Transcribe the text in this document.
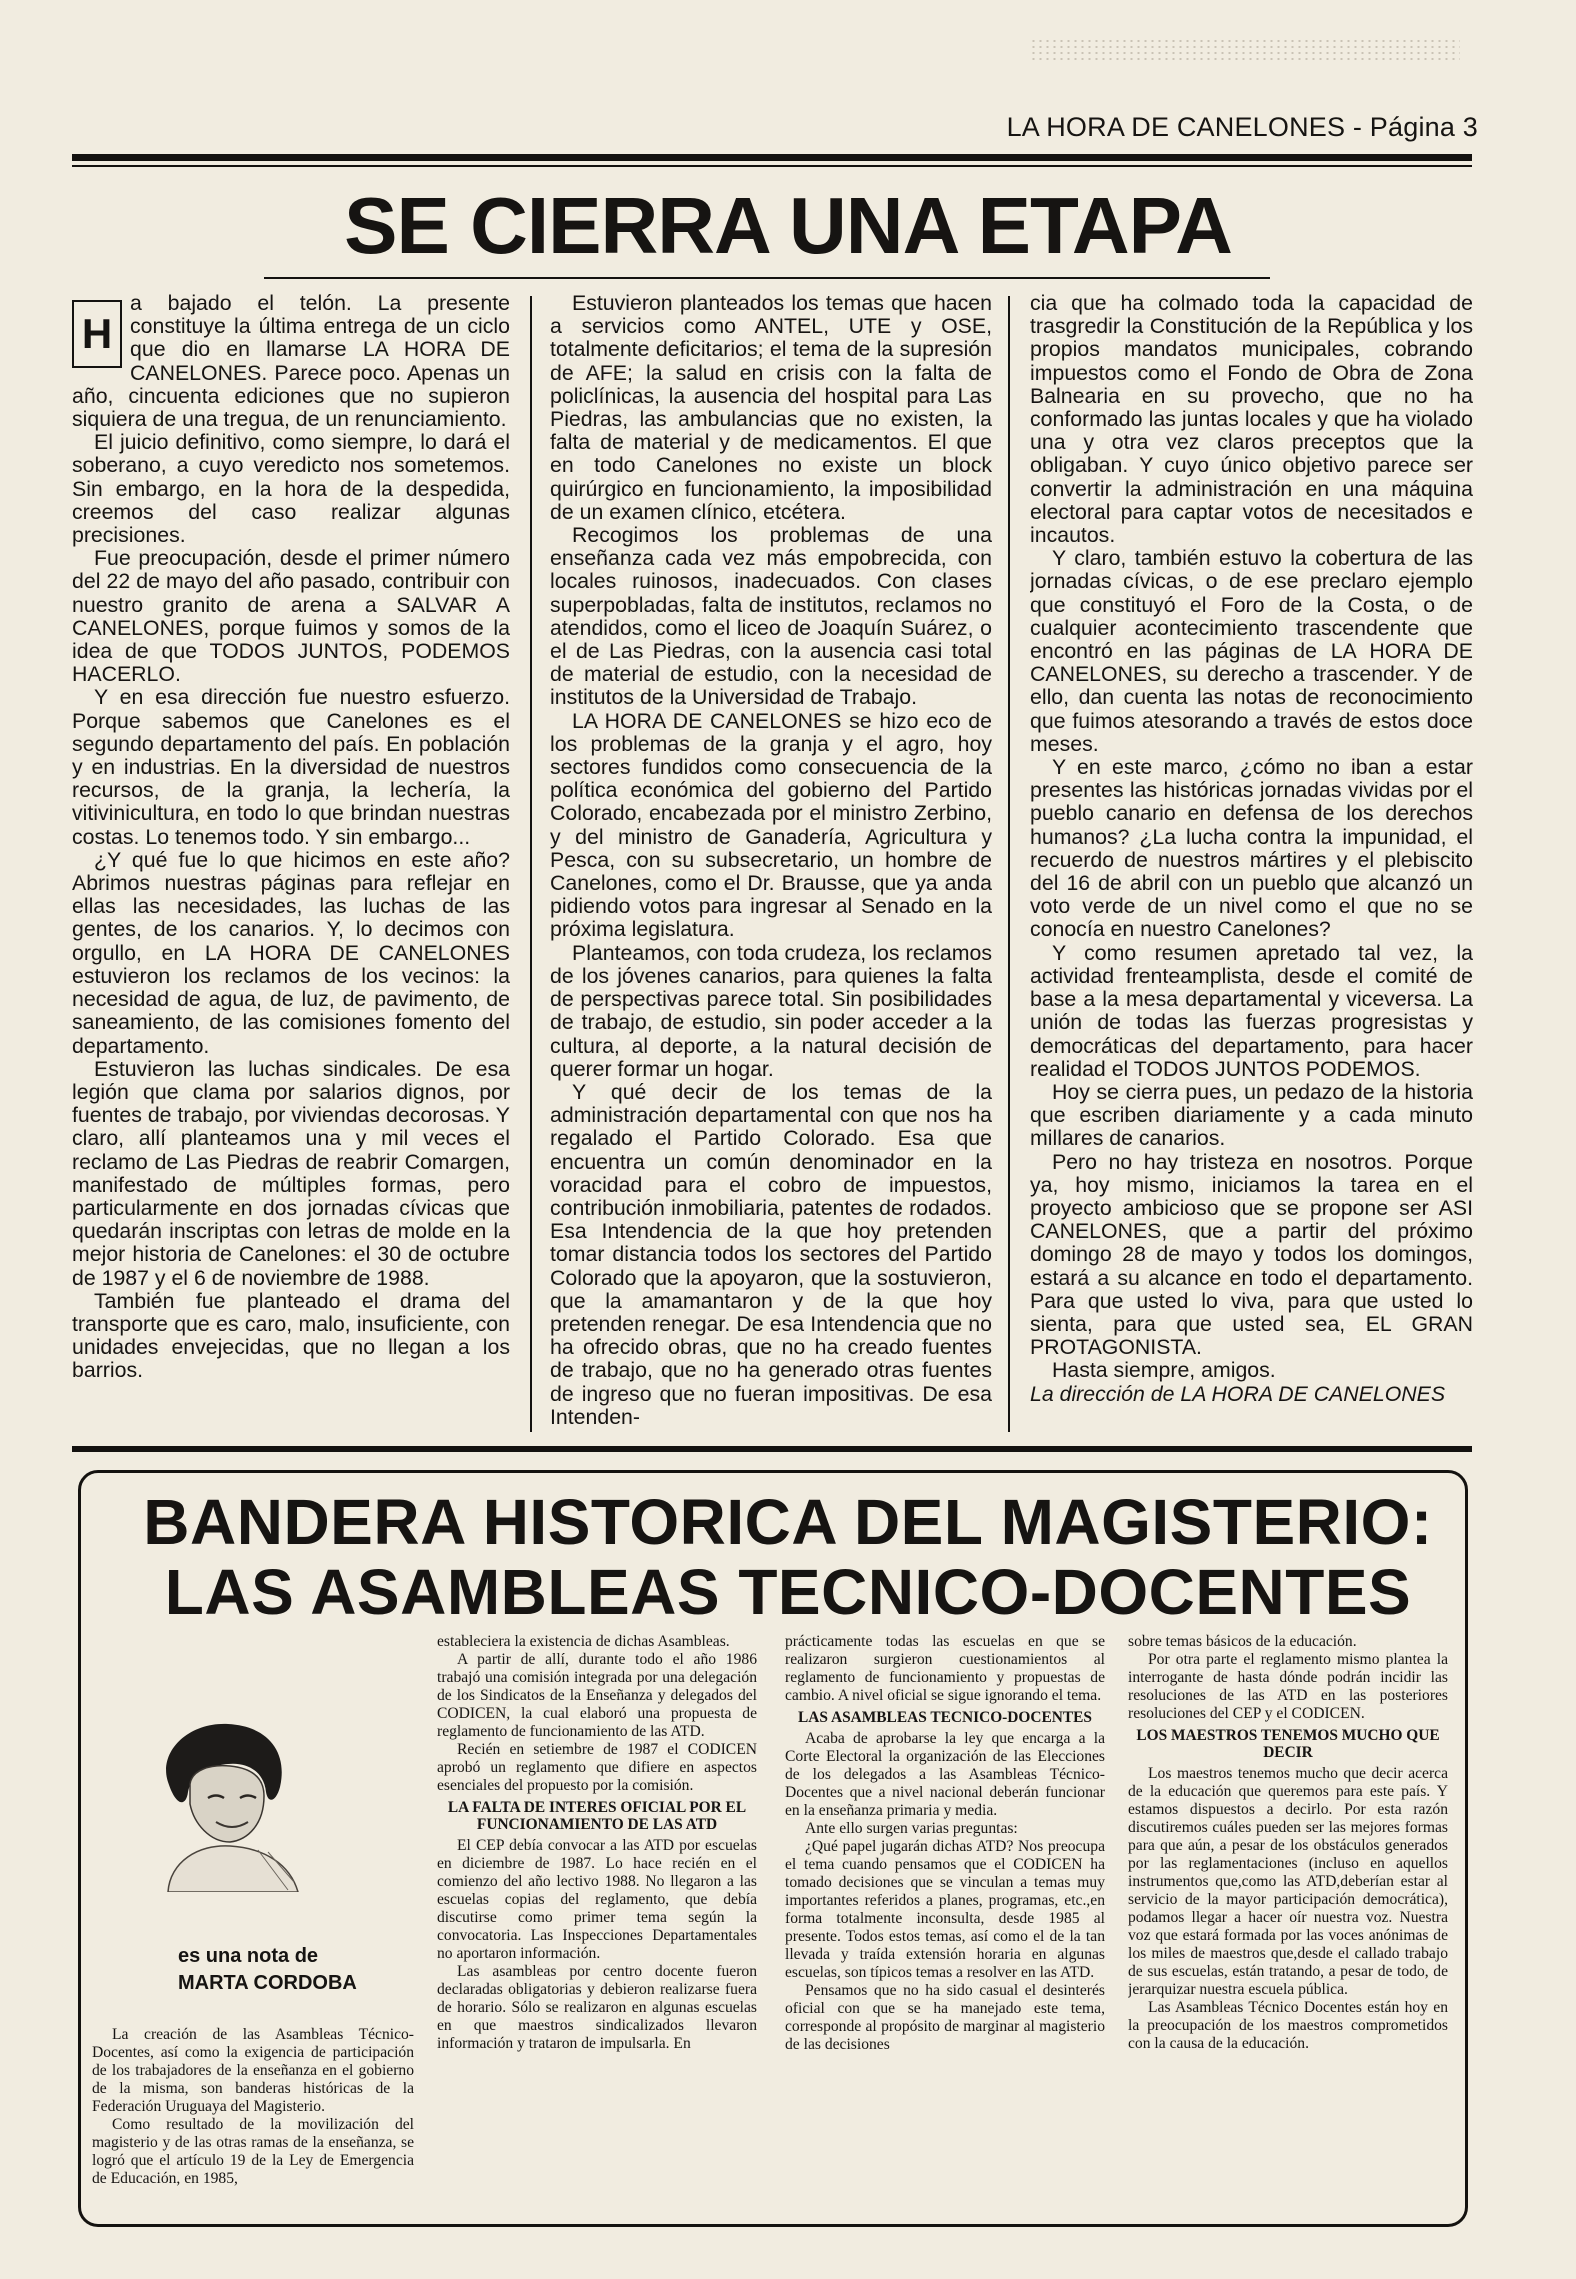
LA HORA DE CANELONES - Página 3
SE CIERRA UNA ETAPA
H

a bajado el telón. La presente constituye la última entrega de un ciclo que dio en llamarse LA HORA DE CANELONES. Parece poco. Apenas un año, cincuenta ediciones que no supieron siquiera de una tregua, de un renunciamiento.

El juicio definitivo, como siempre, lo dará el soberano, a cuyo veredicto nos sometemos. Sin embargo, en la hora de la despedida, creemos del caso realizar algunas precisiones.

Fue preocupación, desde el primer número del 22 de mayo del año pasado, contribuir con nuestro granito de arena a SALVAR A CANELONES, porque fuimos y somos de la idea de que TODOS JUNTOS, PODEMOS HACERLO.

Y en esa dirección fue nuestro esfuerzo. Porque sabemos que Canelones es el segundo departamento del país. En población y en industrias. En la diversidad de nuestros recursos, de la granja, la lechería, la vitivinicultura, en todo lo que brindan nuestras costas. Lo tenemos todo. Y sin embargo...

¿Y qué fue lo que hicimos en este año? Abrimos nuestras páginas para reflejar en ellas las necesidades, las luchas de las gentes, de los canarios. Y, lo decimos con orgullo, en LA HORA DE CANELONES estuvieron los reclamos de los vecinos: la necesidad de agua, de luz, de pavimento, de saneamiento, de las comisiones fomento del departamento.

Estuvieron las luchas sindicales. De esa legión que clama por salarios dignos, por fuentes de trabajo, por viviendas decorosas. Y claro, allí planteamos una y mil veces el reclamo de Las Piedras de reabrir Comargen, manifestado de múltiples formas, pero particularmente en dos jornadas cívicas que quedarán inscriptas con letras de molde en la mejor historia de Canelones: el 30 de octubre de 1987 y el 6 de noviembre de 1988.

También fue planteado el drama del transporte que es caro, malo, insuficiente, con unidades envejecidas, que no llegan a los barrios.

Estuvieron planteados los temas que hacen a servicios como ANTEL, UTE y OSE, totalmente deficitarios; el tema de la supresión de AFE; la salud en crisis con la falta de policlínicas, la ausencia del hospital para Las Piedras, las ambulancias que no existen, la falta de material y de medicamentos. El que en todo Canelones no existe un block quirúrgico en funcionamiento, la imposibilidad de un examen clínico, etcétera.

Recogimos los problemas de una enseñanza cada vez más empobrecida, con locales ruinosos, inadecuados. Con clases superpobladas, falta de institutos, reclamos no atendidos, como el liceo de Joaquín Suárez, o el de Las Piedras, con la ausencia casi total de material de estudio, con la necesidad de institutos de la Universidad de Trabajo.

LA HORA DE CANELONES se hizo eco de los problemas de la granja y el agro, hoy sectores fundidos como consecuencia de la política económica del gobierno del Partido Colorado, encabezada por el ministro Zerbino, y del ministro de Ganadería, Agricultura y Pesca, con su subsecretario, un hombre de Canelones, como el Dr. Brausse, que ya anda pidiendo votos para ingresar al Senado en la próxima legislatura.

Planteamos, con toda crudeza, los reclamos de los jóvenes canarios, para quienes la falta de perspectivas parece total. Sin posibilidades de trabajo, de estudio, sin poder acceder a la cultura, al deporte, a la natural decisión de querer formar un hogar.

Y qué decir de los temas de la administración departamental con que nos ha regalado el Partido Colorado. Esa que encuentra un común denominador en la voracidad para el cobro de impuestos, contribución inmobiliaria, patentes de rodados. Esa Intendencia de la que hoy pretenden tomar distancia todos los sectores del Partido Colorado que la apoyaron, que la sostuvieron, que la amamantaron y de la que hoy pretenden renegar. De esa Intendencia que no ha ofrecido obras, que no ha creado fuentes de trabajo, que no ha generado otras fuentes de ingreso que no fueran impositivas. De esa Intenden-

cia que ha colmado toda la capacidad de trasgredir la Constitución de la República y los propios mandatos municipales, cobrando impuestos como el Fondo de Obra de Zona Balnearia en su provecho, que no ha conformado las juntas locales y que ha violado una y otra vez claros preceptos que la obligaban. Y cuyo único objetivo parece ser convertir la administración en una máquina electoral para captar votos de necesitados e incautos.

Y claro, también estuvo la cobertura de las jornadas cívicas, o de ese preclaro ejemplo que constituyó el Foro de la Costa, o de cualquier acontecimiento trascendente que encontró en las páginas de LA HORA DE CANELONES, su derecho a trascender. Y de ello, dan cuenta las notas de reconocimiento que fuimos atesorando a través de estos doce meses.

Y en este marco, ¿cómo no iban a estar presentes las históricas jornadas vividas por el pueblo canario en defensa de los derechos humanos? ¿La lucha contra la impunidad, el recuerdo de nuestros mártires y el plebiscito del 16 de abril con un pueblo que alcanzó un voto verde de un nivel como el que no se conocía en nuestro Canelones?

Y como resumen apretado tal vez, la actividad frenteamplista, desde el comité de base a la mesa departamental y viceversa. La unión de todas las fuerzas progresistas y democráticas del departamento, para hacer realidad el TODOS JUNTOS PODEMOS.

Hoy se cierra pues, un pedazo de la historia que escriben diariamente y a cada minuto millares de canarios.

Pero no hay tristeza en nosotros. Porque ya, hoy mismo, iniciamos la tarea en el proyecto ambicioso que se propone ser ASI CANELONES, que a partir del próximo domingo 28 de mayo y todos los domingos, estará a su alcance en todo el departamento. Para que usted lo viva, para que usted lo sienta, para que usted sea, EL GRAN PROTAGONISTA.

Hasta siempre, amigos.

La dirección de LA HORA DE CANELONES

BANDERA HISTORICA DEL MAGISTERIO:
LAS ASAMBLEAS TECNICO-DOCENTES
es una nota de
MARTA CORDOBA

La creación de las Asambleas Técnico-Docentes, así como la exigencia de participación de los trabajadores de la enseñanza en el gobierno de la misma, son banderas históricas de la Federación Uruguaya del Magisterio.

Como resultado de la movilización del magisterio y de las otras ramas de la enseñanza, se logró que el artículo 19 de la Ley de Emergencia de Educación, en 1985,

estableciera la existencia de dichas Asambleas.

A partir de allí, durante todo el año 1986 trabajó una comisión integrada por una delegación de los Sindicatos de la Enseñanza y delegados del CODICEN, la cual elaboró una propuesta de reglamento de funcionamiento de las ATD.

Recién en setiembre de 1987 el CODICEN aprobó un reglamento que difiere en aspectos esenciales del propuesto por la comisión.

LA FALTA DE INTERES OFICIAL POR EL FUNCIONAMIENTO DE LAS ATD

El CEP debía convocar a las ATD por escuelas en diciembre de 1987. Lo hace recién en el comienzo del año lectivo 1988. No llegaron a las escuelas copias del reglamento, que debía discutirse como primer tema según la convocatoria. Las Inspecciones Departamentales no aportaron información.

Las asambleas por centro docente fueron declaradas obligatorias y debieron realizarse fuera de horario. Sólo se realizaron en algunas escuelas en que maestros sindicalizados llevaron información y trataron de impulsarla. En

prácticamente todas las escuelas en que se realizaron surgieron cuestionamientos al reglamento de funcionamiento y propuestas de cambio. A nivel oficial se sigue ignorando el tema.

LAS ASAMBLEAS TECNICO-DOCENTES

Acaba de aprobarse la ley que encarga a la Corte Electoral la organización de las Elecciones de los delegados a las Asambleas Técnico-Docentes que a nivel nacional deberán funcionar en la enseñanza primaria y media.

Ante ello surgen varias preguntas:

¿Qué papel jugarán dichas ATD? Nos preocupa el tema cuando pensamos que el CODICEN ha tomado decisiones que se vinculan a temas muy importantes referidos a planes, programas, etc.,en forma totalmente inconsulta, desde 1985 al presente. Todos estos temas, así como el de la tan llevada y traída extensión horaria en algunas escuelas, son típicos temas a resolver en las ATD.

Pensamos que no ha sido casual el desinterés oficial con que se ha manejado este tema, corresponde al propósito de marginar al magisterio de las decisiones

sobre temas básicos de la educación.

Por otra parte el reglamento mismo plantea la interrogante de hasta dónde podrán incidir las resoluciones de las ATD en las posteriores resoluciones del CEP y el CODICEN.

LOS MAESTROS TENEMOS MUCHO QUE DECIR

Los maestros tenemos mucho que decir acerca de la educación que queremos para este país. Y estamos dispuestos a decirlo. Por esta razón discutiremos cuáles pueden ser las mejores formas para que aún, a pesar de los obstáculos generados por las reglamentaciones (incluso en aquellos instrumentos que,como las ATD,deberían estar al servicio de la mayor participación democrática), podamos llegar a hacer oír nuestra voz. Nuestra voz que estará formada por las voces anónimas de los miles de maestros que,desde el callado trabajo de sus escuelas, están tratando, a pesar de todo, de jerarquizar nuestra escuela pública.

Las Asambleas Técnico Docentes están hoy en la preocupación de los maestros comprometidos con la causa de la educación.
